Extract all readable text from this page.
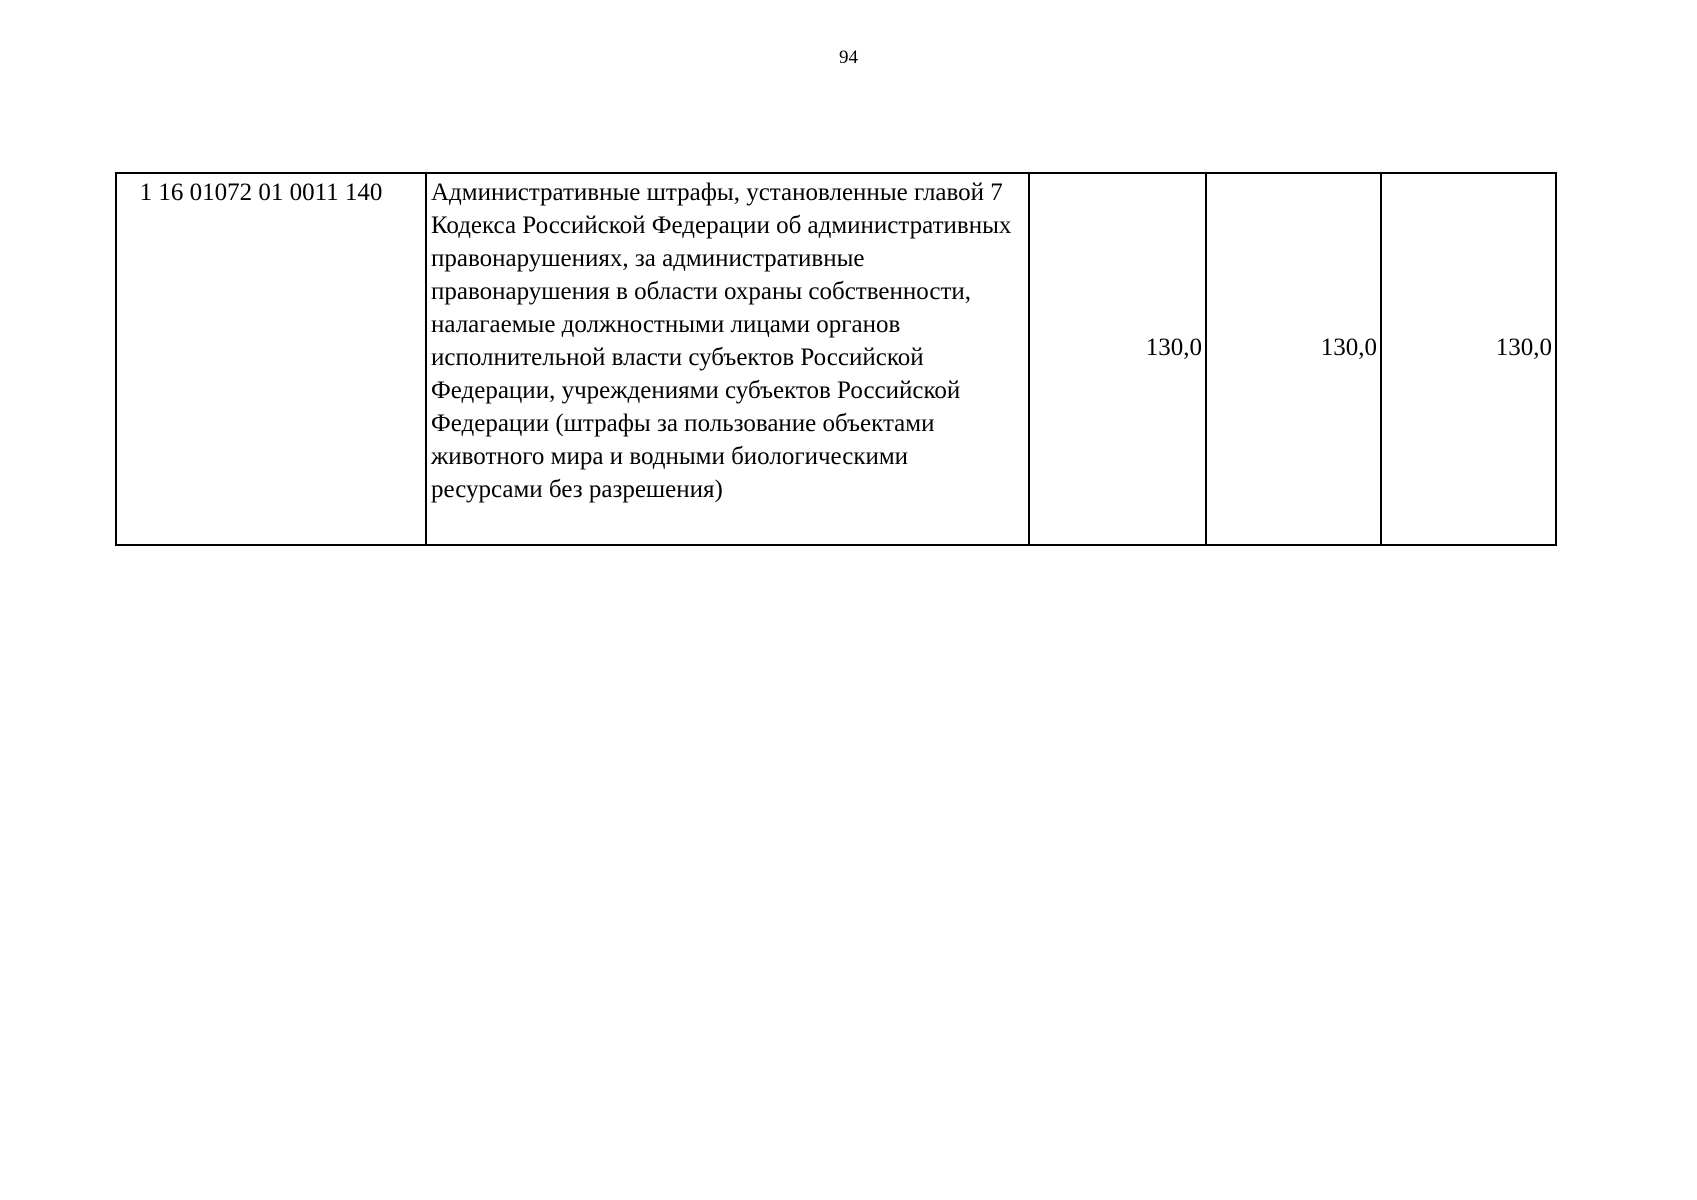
94
1 16 01072 01 0011 140	Административные штрафы, установленные главой 7 Кодекса Российской Федерации об административных правонарушениях, за административные правонарушения в области охраны собственности, налагаемые должностными лицами органов исполнительной власти субъектов Российской Федерации, учреждениями субъектов Российской Федерации (штрафы за пользование объектами животного мира и водными биологическими ресурсами без разрешения)	130,0	130,0	130,0
